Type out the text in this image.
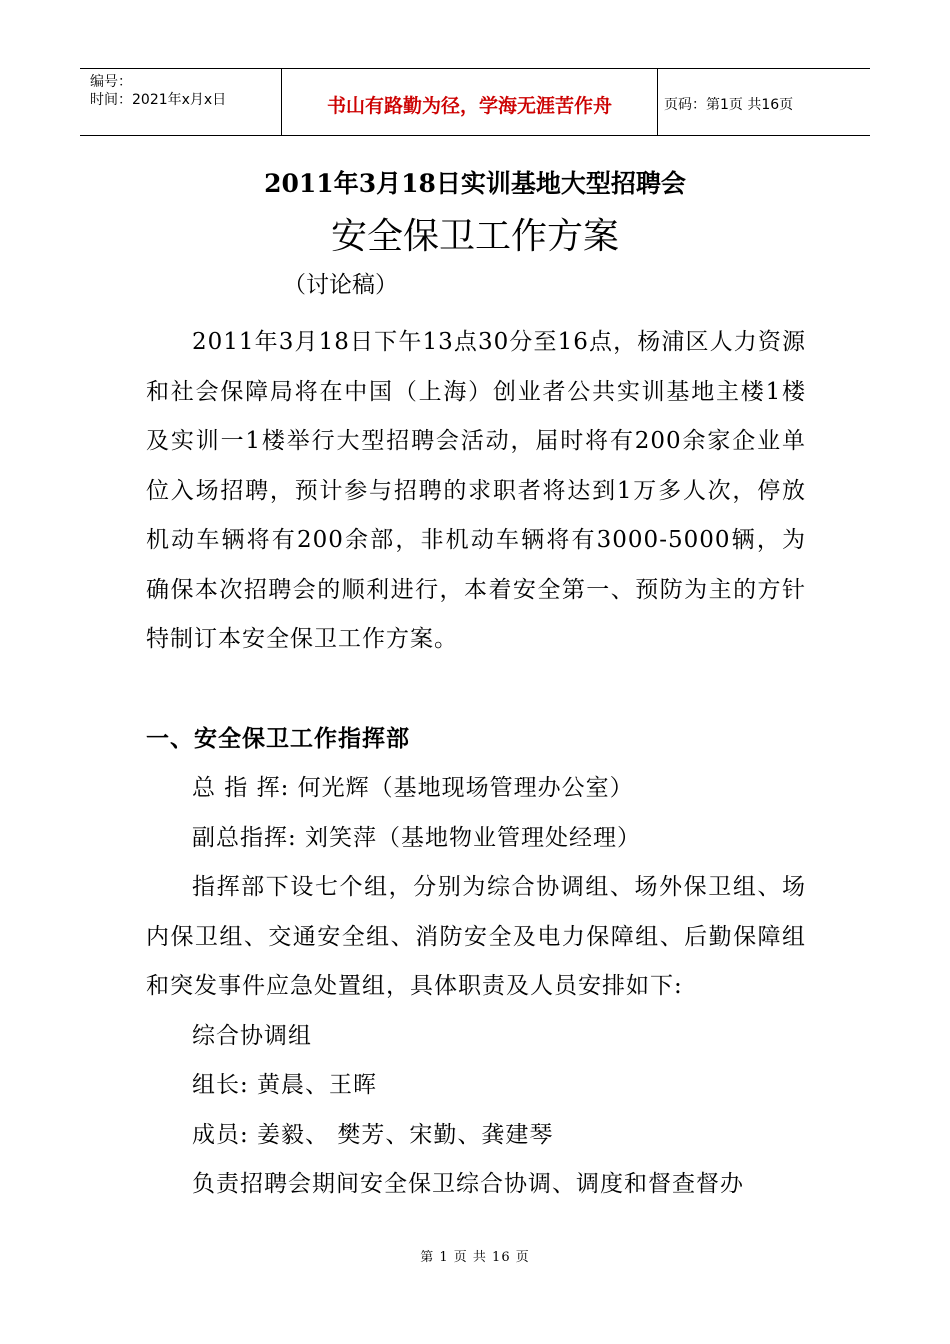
编号：
时间：2021年x月x日	书山有路勤为径，学海无涯苦作舟	页码：第1页 共16页
2011年3月18日实训基地大型招聘会
安全保卫工作方案
（讨论稿）

2011年3月18日下午13点30分至16点，杨浦区人力资源和社会保障局将在中国（上海）创业者公共实训基地主楼1楼及实训一1楼举行大型招聘会活动，届时将有200余家企业单位入场招聘，预计参与招聘的求职者将达到1万多人次，停放机动车辆将有200余部，非机动车辆将有3000-5000辆，为确保本次招聘会的顺利进行，本着安全第一、预防为主的方针特制订本安全保卫工作方案。

一、安全保卫工作指挥部

总 指 挥: 何光辉（基地现场管理办公室）

副总指挥: 刘笑萍（基地物业管理处经理）

指挥部下设七个组，分别为综合协调组、场外保卫组、场内保卫组、交通安全组、消防安全及电力保障组、后勤保障组和突发事件应急处置组，具体职责及人员安排如下:

综合协调组

组长: 黄晨、王晖

成员: 姜毅、 樊芳、宋勤、龚建琴

负责招聘会期间安全保卫综合协调、调度和督查督办

第 1 页 共 16 页
